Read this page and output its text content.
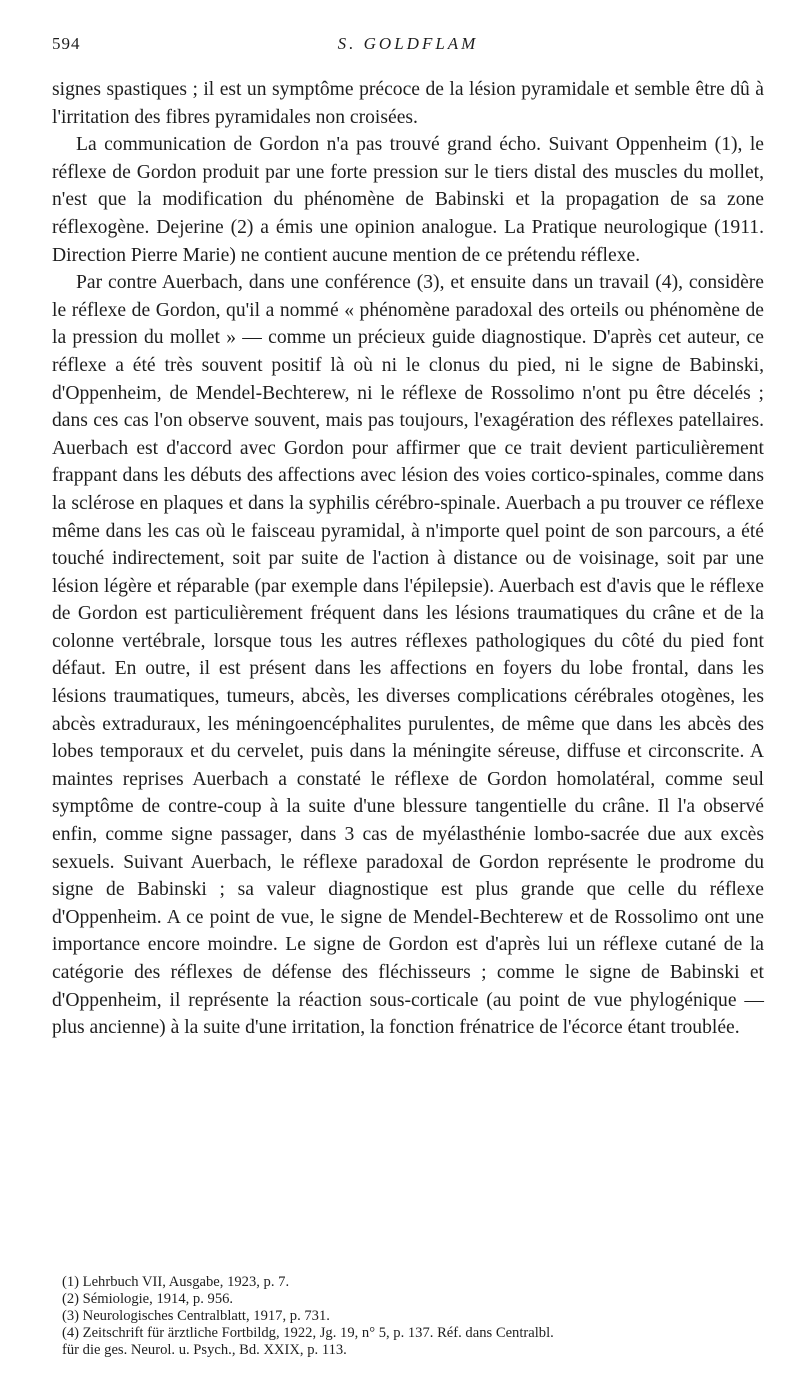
594	S. GOLDFLAM

signes spastiques ; il est un symptôme précoce de la lésion pyramidale et semble être dû à l'irritation des fibres pyramidales non croisées.

La communication de Gordon n'a pas trouvé grand écho. Suivant Oppenheim (1), le réflexe de Gordon produit par une forte pression sur le tiers distal des muscles du mollet, n'est que la modification du phénomène de Babinski et la propagation de sa zone réflexogène. Dejerine (2) a émis une opinion analogue. La Pratique neurologique (1911. Direction Pierre Marie) ne contient aucune mention de ce prétendu réflexe.

Par contre Auerbach, dans une conférence (3), et ensuite dans un travail (4), considère le réflexe de Gordon, qu'il a nommé « phénomène paradoxal des orteils ou phénomène de la pression du mollet » — comme un précieux guide diagnostique. D'après cet auteur, ce réflexe a été très souvent positif là où ni le clonus du pied, ni le signe de Babinski, d'Oppenheim, de Mendel-Bechterew, ni le réflexe de Rossolimo n'ont pu être décelés ; dans ces cas l'on observe souvent, mais pas toujours, l'exagération des réflexes patellaires. Auerbach est d'accord avec Gordon pour affirmer que ce trait devient particulièrement frappant dans les débuts des affections avec lésion des voies cortico-spinales, comme dans la sclérose en plaques et dans la syphilis cérébro-spinale. Auerbach a pu trouver ce réflexe même dans les cas où le faisceau pyramidal, à n'importe quel point de son parcours, a été touché indirectement, soit par suite de l'action à distance ou de voisinage, soit par une lésion légère et réparable (par exemple dans l'épilepsie). Auerbach est d'avis que le réflexe de Gordon est particulièrement fréquent dans les lésions traumatiques du crâne et de la colonne vertébrale, lorsque tous les autres réflexes pathologiques du côté du pied font défaut. En outre, il est présent dans les affections en foyers du lobe frontal, dans les lésions traumatiques, tumeurs, abcès, les diverses complications cérébrales otogènes, les abcès extraduraux, les méningoencéphalites purulentes, de même que dans les abcès des lobes temporaux et du cervelet, puis dans la méningite séreuse, diffuse et circonscrite. A maintes reprises Auerbach a constaté le réflexe de Gordon homolatéral, comme seul symptôme de contre-coup à la suite d'une blessure tangentielle du crâne. Il l'a observé enfin, comme signe passager, dans 3 cas de myélasthénie lombo-sacrée due aux excès sexuels. Suivant Auerbach, le réflexe paradoxal de Gordon représente le prodrome du signe de Babinski ; sa valeur diagnostique est plus grande que celle du réflexe d'Oppenheim. A ce point de vue, le signe de Mendel-Bechterew et de Rossolimo ont une importance encore moindre. Le signe de Gordon est d'après lui un réflexe cutané de la catégorie des réflexes de défense des fléchisseurs ; comme le signe de Babinski et d'Oppenheim, il représente la réaction sous-corticale (au point de vue phylogénique — plus ancienne) à la suite d'une irritation, la fonction frénatrice de l'écorce étant troublée.

(1) Lehrbuch VII, Ausgabe, 1923, p. 7.

(2) Sémiologie, 1914, p. 956.

(3) Neurologisches Centralblatt, 1917, p. 731.

(4) Zeitschrift für ärztliche Fortbildg, 1922, Jg. 19, n° 5, p. 137. Réf. dans Centralbl.

für die ges. Neurol. u. Psych., Bd. XXIX, p. 113.
